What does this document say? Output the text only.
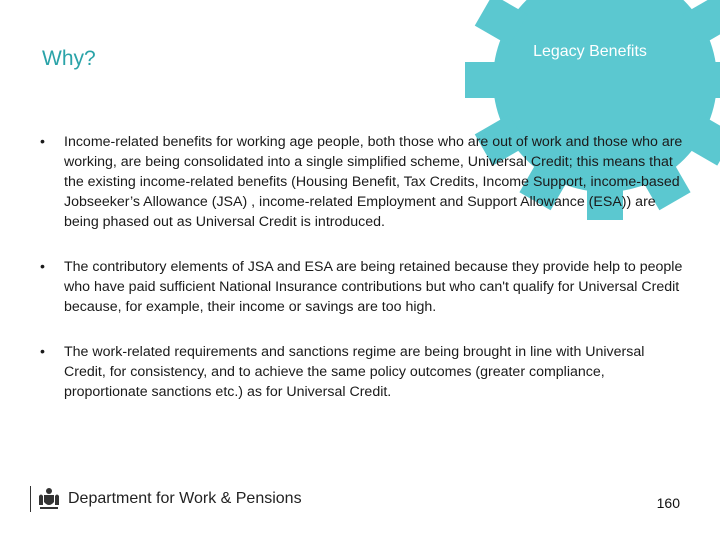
Legacy Benefits
Why?
•	Income-related benefits for working age people, both those who are out of work and those who are working, are being consolidated into a single simplified scheme, Universal Credit; this means that the existing income-related benefits (Housing Benefit, Tax Credits, Income Support, income-based Jobseeker’s Allowance (JSA) , income-related Employment and Support Allowance (ESA)) are being phased out as Universal Credit is introduced.
•	The contributory elements of JSA and ESA are being retained because they provide help to people who have paid sufficient National Insurance contributions but who can't qualify for Universal Credit because, for example, their income or savings are too high.
•	The work-related requirements and sanctions regime are being brought in line with Universal Credit, for consistency, and to achieve the same policy outcomes (greater compliance, proportionate sanctions etc.) as for Universal Credit.
Department for Work & Pensions	160
